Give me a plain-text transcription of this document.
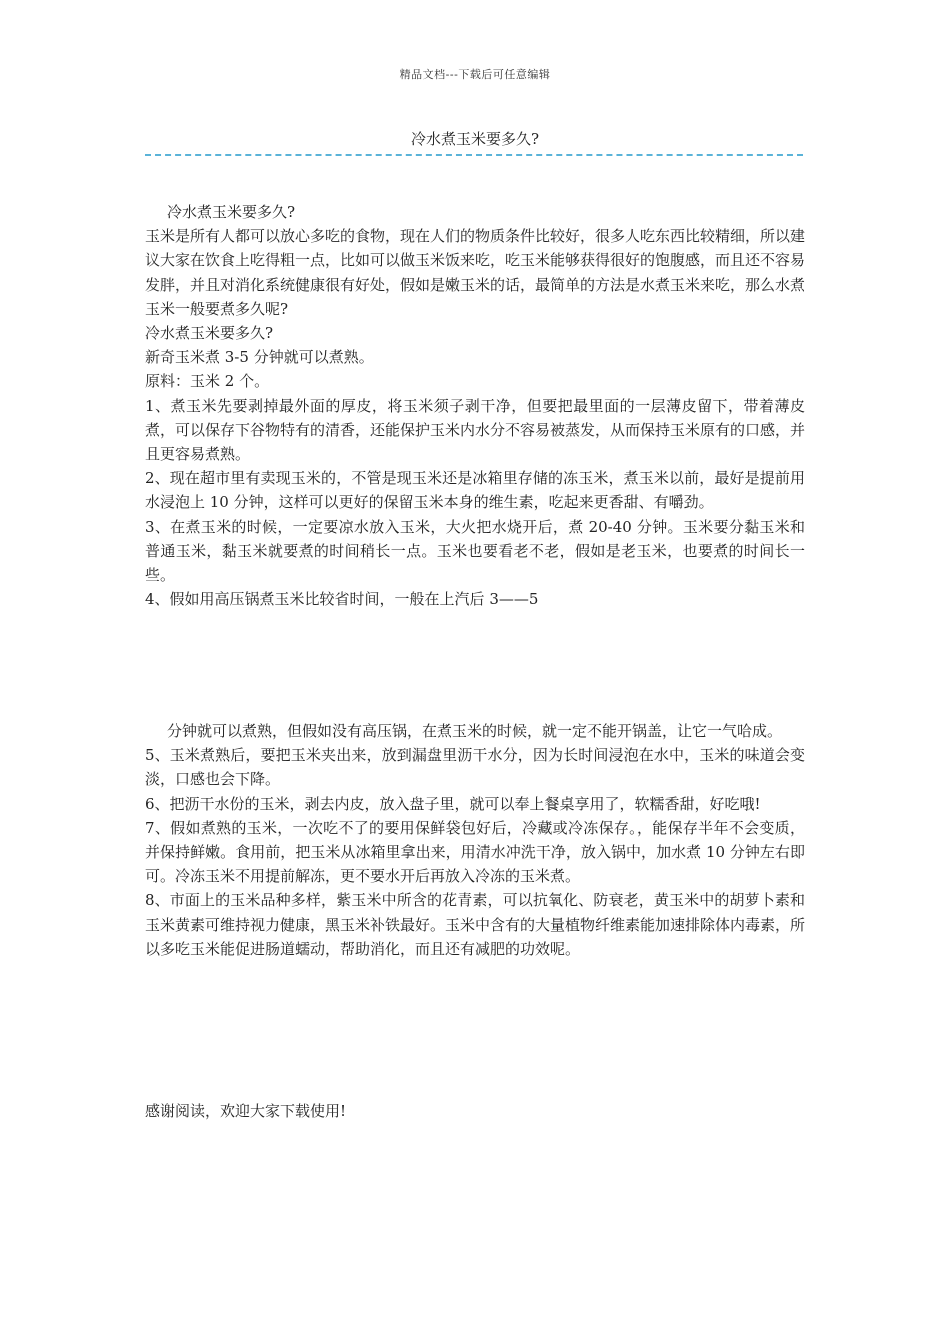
精品文档---下载后可任意编辑
冷水煮玉米要多久?

冷水煮玉米要多久?

玉米是所有人都可以放心多吃的食物，现在人们的物质条件比较好，很多人吃东西比较精细，所以建议大家在饮食上吃得粗一点，比如可以做玉米饭来吃，吃玉米能够获得很好的饱腹感，而且还不容易发胖，并且对消化系统健康很有好处，假如是嫩玉米的话，最简单的方法是水煮玉米来吃，那么水煮玉米一般要煮多久呢?

冷水煮玉米要多久?

新奇玉米煮 3-5 分钟就可以煮熟。

原料：玉米 2 个。

1、煮玉米先要剥掉最外面的厚皮，将玉米须子剥干净，但要把最里面的一层薄皮留下，带着薄皮煮，可以保存下谷物特有的清香，还能保护玉米内水分不容易被蒸发，从而保持玉米原有的口感，并且更容易煮熟。

2、现在超市里有卖现玉米的，不管是现玉米还是冰箱里存储的冻玉米，煮玉米以前，最好是提前用水浸泡上 10 分钟，这样可以更好的保留玉米本身的维生素，吃起来更香甜、有嚼劲。

3、在煮玉米的时候，一定要凉水放入玉米，大火把水烧开后，煮 20-40 分钟。玉米要分黏玉米和普通玉米，黏玉米就要煮的时间稍长一点。玉米也要看老不老，假如是老玉米，也要煮的时间长一些。

4、假如用高压锅煮玉米比较省时间，一般在上汽后 3——5

分钟就可以煮熟，但假如没有高压锅，在煮玉米的时候，就一定不能开锅盖，让它一气哈成。

5、玉米煮熟后，要把玉米夹出来，放到漏盘里沥干水分，因为长时间浸泡在水中，玉米的味道会变淡，口感也会下降。

6、把沥干水份的玉米，剥去内皮，放入盘子里，就可以奉上餐桌享用了，软糯香甜，好吃哦!

7、假如煮熟的玉米，一次吃不了的要用保鲜袋包好后，冷藏或冷冻保存。，能保存半年不会变质，并保持鲜嫩。食用前，把玉米从冰箱里拿出来，用清水冲洗干净，放入锅中，加水煮 10 分钟左右即可。冷冻玉米不用提前解冻，更不要水开后再放入冷冻的玉米煮。

8、市面上的玉米品种多样，紫玉米中所含的花青素，可以抗氧化、防衰老，黄玉米中的胡萝卜素和玉米黄素可维持视力健康，黑玉米补铁最好。玉米中含有的大量植物纤维素能加速排除体内毒素，所以多吃玉米能促进肠道蠕动，帮助消化，而且还有减肥的功效呢。

感谢阅读，欢迎大家下载使用!
